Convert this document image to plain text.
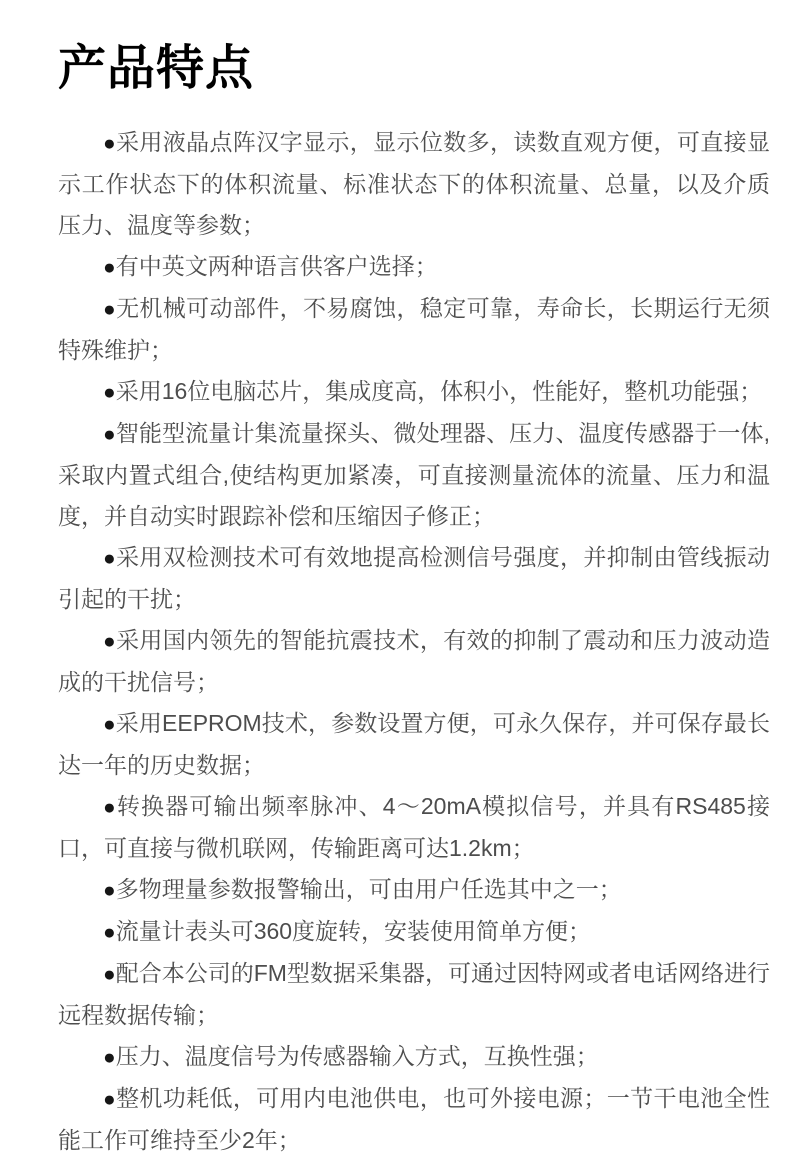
产品特点

●采用液晶点阵汉字显示，显示位数多，读数直观方便，可直接显示工作状态下的体积流量、标准状态下的体积流量、总量，以及介质压力、温度等参数；

●有中英文两种语言供客户选择；

●无机械可动部件，不易腐蚀，稳定可靠，寿命长，长期运行无须特殊维护；

●采用16位电脑芯片，集成度高，体积小，性能好，整机功能强；

●智能型流量计集流量探头、微处理器、压力、温度传感器于一体,采取内置式组合,使结构更加紧凑，可直接测量流体的流量、压力和温度，并自动实时跟踪补偿和压缩因子修正；

●采用双检测技术可有效地提高检测信号强度，并抑制由管线振动引起的干扰；

●采用国内领先的智能抗震技术，有效的抑制了震动和压力波动造成的干扰信号；

●采用EEPROM技术，参数设置方便，可永久保存，并可保存最长达一年的历史数据；

●转换器可输出频率脉冲、4～20mA模拟信号，并具有RS485接口，可直接与微机联网，传输距离可达1.2km；

●多物理量参数报警输出，可由用户任选其中之一；

●流量计表头可360度旋转，安装使用简单方便；

●配合本公司的FM型数据采集器，可通过因特网或者电话网络进行远程数据传输；

●压力、温度信号为传感器输入方式，互换性强；

●整机功耗低，可用内电池供电，也可外接电源；一节干电池全性能工作可维持至少2年；
